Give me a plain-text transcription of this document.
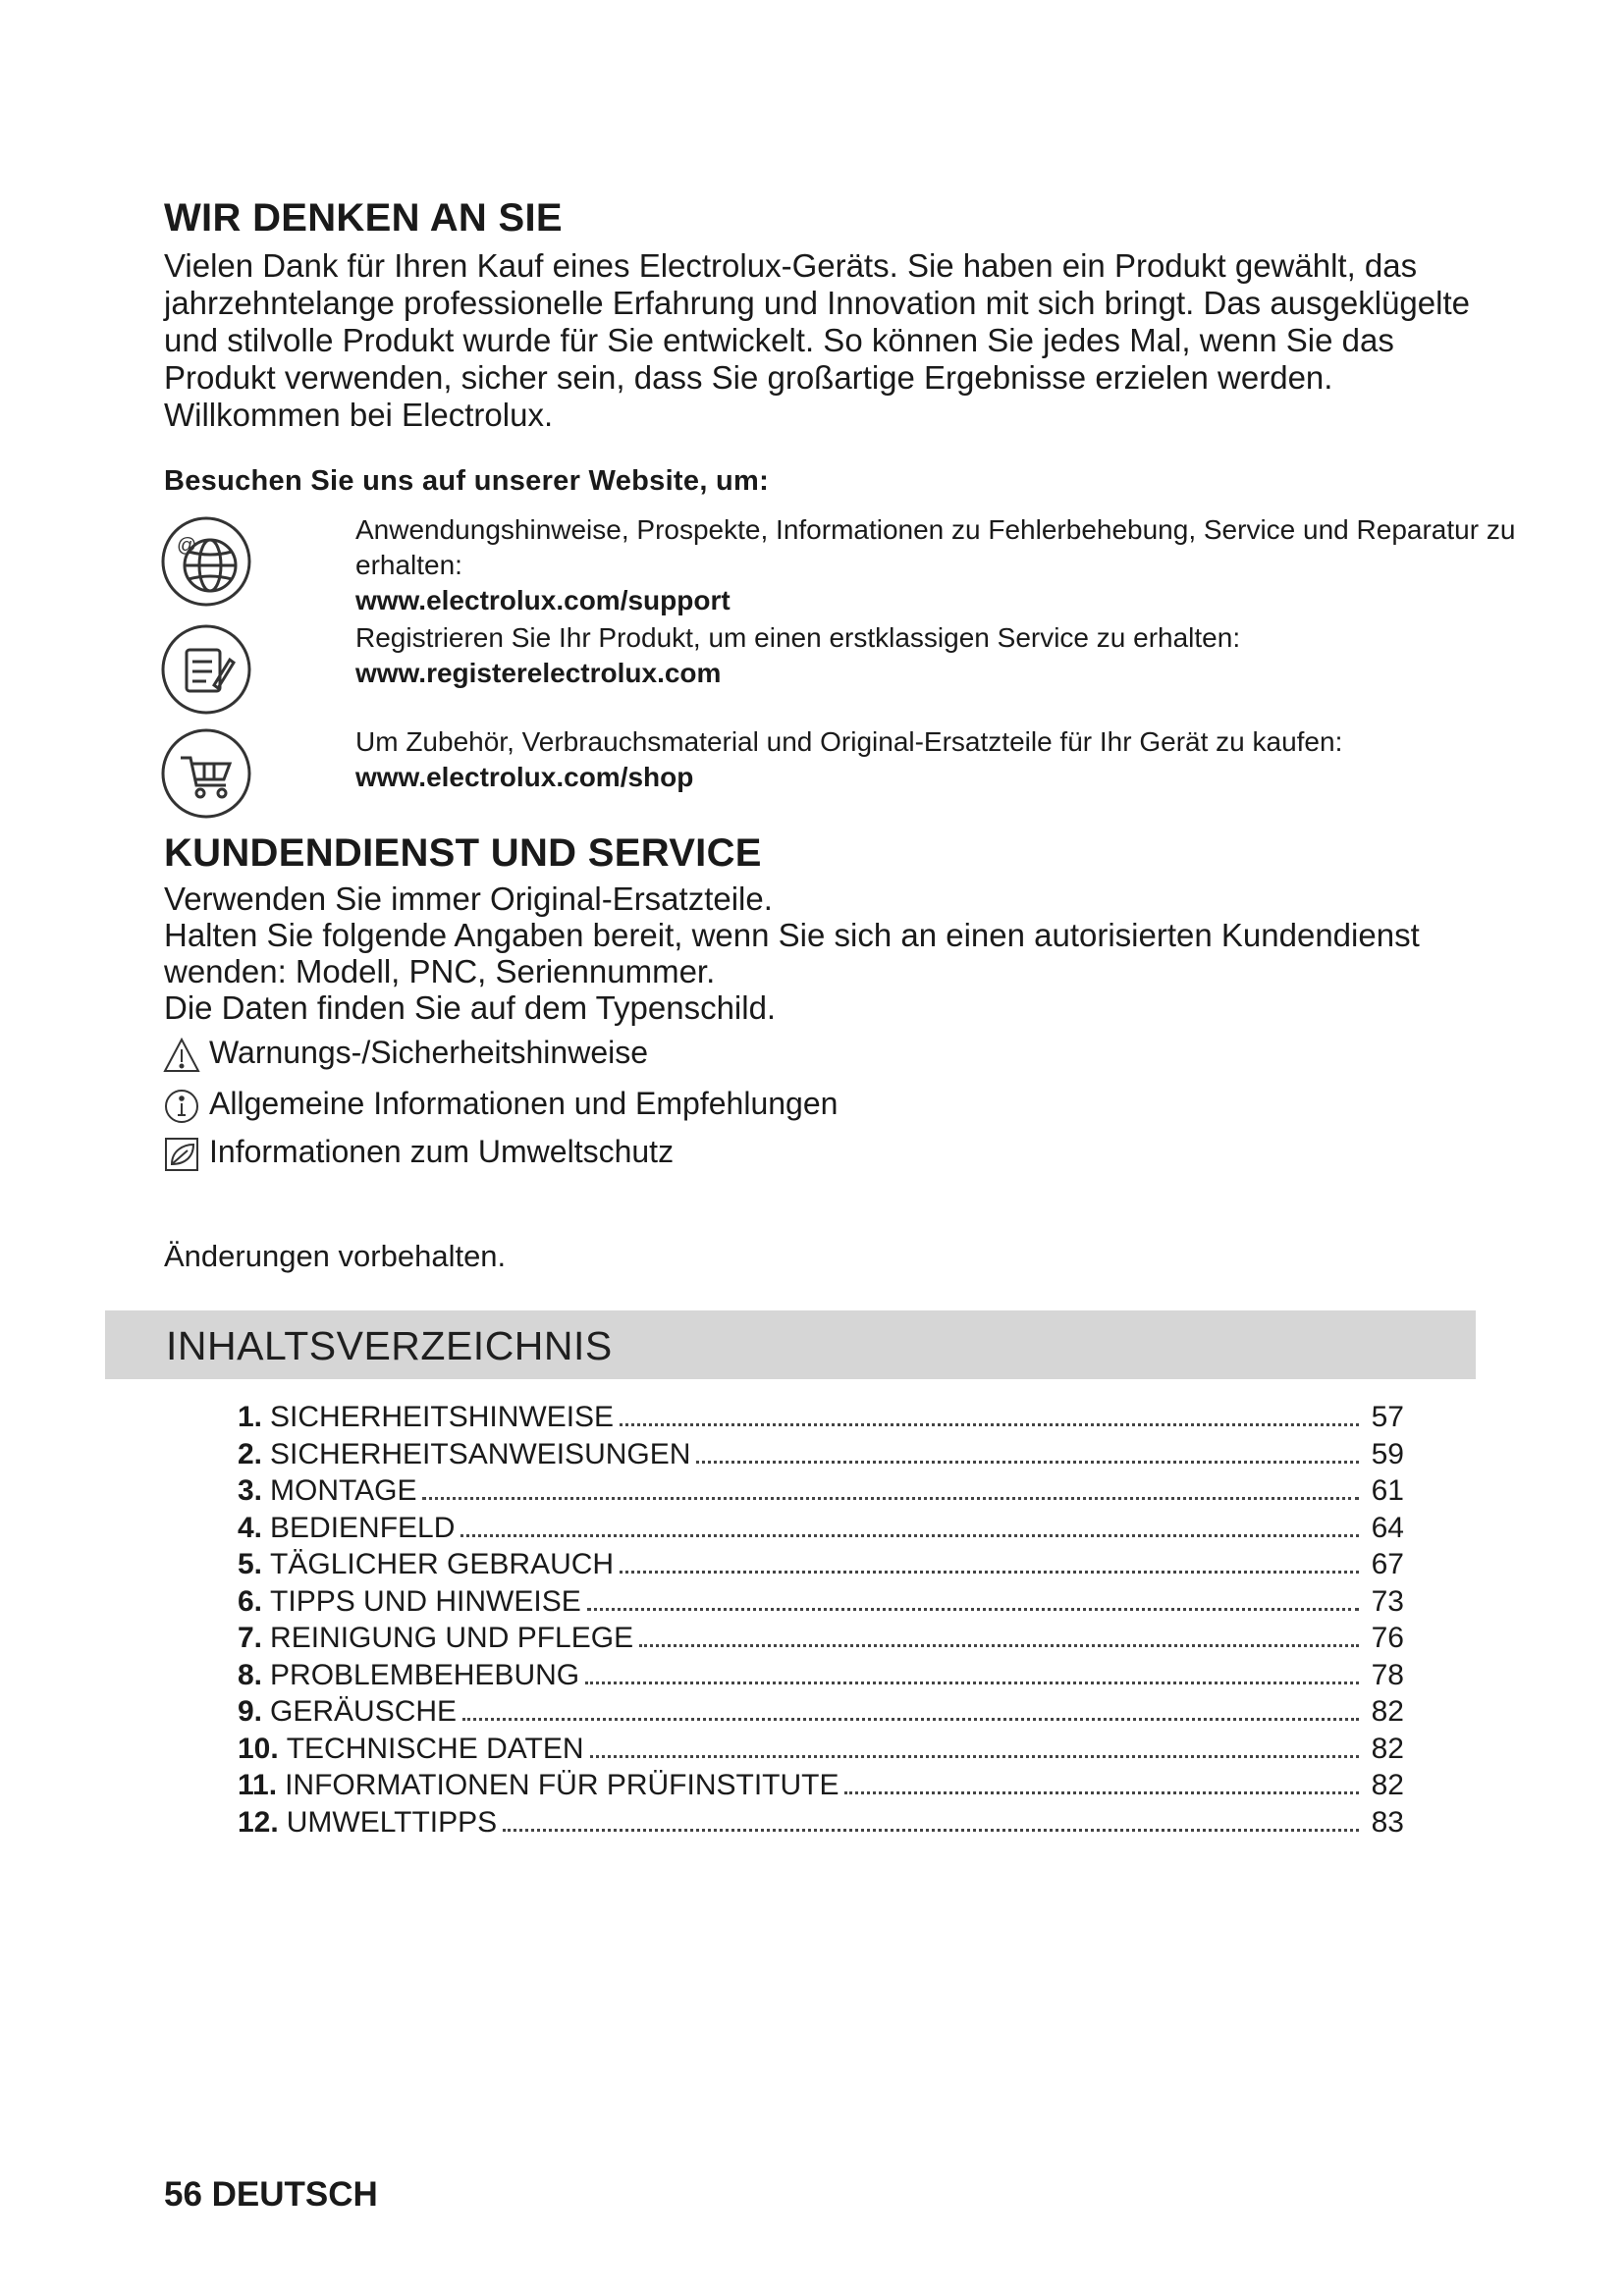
WIR DENKEN AN SIE

Vielen Dank für Ihren Kauf eines Electrolux-Geräts. Sie haben ein Produkt gewählt, das jahrzehntelange professionelle Erfahrung und Innovation mit sich bringt. Das ausgeklügelte und stilvolle Produkt wurde für Sie entwickelt. So können Sie jedes Mal, wenn Sie das Produkt verwenden, sicher sein, dass Sie großartige Ergebnisse erzielen werden.

Willkommen bei Electrolux.

Besuchen Sie uns auf unserer Website, um:

@
Anwendungshinweise, Prospekte, Informationen zu Fehlerbehebung, Service und Reparatur zu erhalten:
www.electrolux.com/support
Registrieren Sie Ihr Produkt, um einen erstklassigen Service zu erhalten:
www.registerelectrolux.com
Um Zubehör, Verbrauchsmaterial und Original-Ersatzteile für Ihr Gerät zu kaufen:
www.electrolux.com/shop
KUNDENDIENST UND SERVICE

Verwenden Sie immer Original-Ersatzteile.

Halten Sie folgende Angaben bereit, wenn Sie sich an einen autorisierten Kundendienst wenden: Modell, PNC, Seriennummer.

Die Daten finden Sie auf dem Typenschild.

Warnungs-/Sicherheitshinweise
Allgemeine Informationen und Empfehlungen
Informationen zum Umweltschutz

Änderungen vorbehalten.

INHALTSVERZEICHNIS
1. SICHERHEITSHINWEISE	57
2. SICHERHEITSANWEISUNGEN	59
3. MONTAGE	61
4. BEDIENFELD	64
5. TÄGLICHER GEBRAUCH	67
6. TIPPS UND HINWEISE	73
7. REINIGUNG UND PFLEGE	76
8. PROBLEMBEHEBUNG	78
9. GERÄUSCHE	82
10. TECHNISCHE DATEN	82
11. INFORMATIONEN FÜR PRÜFINSTITUTE	82
12. UMWELTTIPPS	83

56 DEUTSCH
